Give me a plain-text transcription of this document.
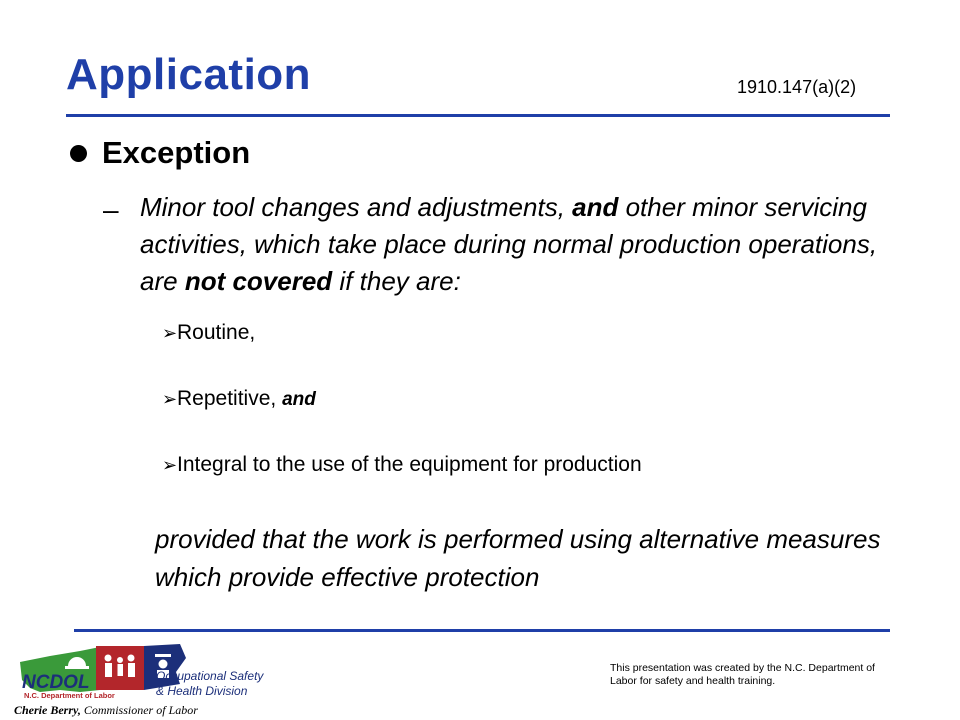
Application	1910.147(a)(2)
Exception
– Minor tool changes and adjustments, and other minor servicing activities, which take place during normal production operations, are not covered if they are:
➢Routine,
➢Repetitive, and
➢Integral to the use of the equipment for production
provided that the work is performed using alternative measures which provide effective protection
NCDOL
N.C. Department of Labor
Occupational Safety
& Health Division
Cherie Berry, Commissioner of Labor
This presentation was created by the N.C. Department of
Labor for safety and health training.
